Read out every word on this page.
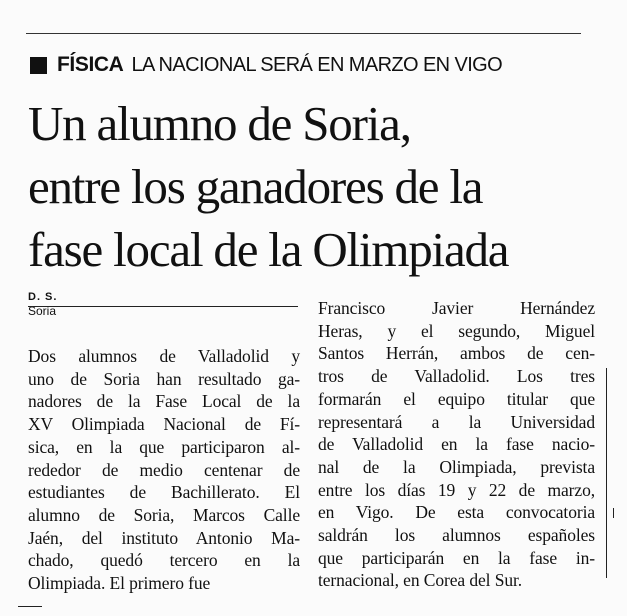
FÍSICA LA NACIONAL SERÁ EN MARZO EN VIGO
Un alumno de Soria,
entre los ganadores de la
fase local de la Olimpiada
D. S.
Soria
Dos alumnos de Valladolid y
uno de Soria han resultado ga-
nadores de la Fase Local de la
XV Olimpiada Nacional de Fí-
sica, en la que participaron al-
rededor de medio centenar de
estudiantes de Bachillerato. El
alumno de Soria, Marcos Calle
Jaén, del instituto Antonio Ma-
chado, quedó tercero en la
Olimpiada. El primero fue
Francisco Javier Hernández
Heras, y el segundo, Miguel
Santos Herrán, ambos de cen-
tros de Valladolid. Los tres
formarán el equipo titular que
representará a la Universidad
de Valladolid en la fase nacio-
nal de la Olimpiada, prevista
entre los días 19 y 22 de marzo,
en Vigo. De esta convocatoria
saldrán los alumnos españoles
que participarán en la fase in-
ternacional, en Corea del Sur.
